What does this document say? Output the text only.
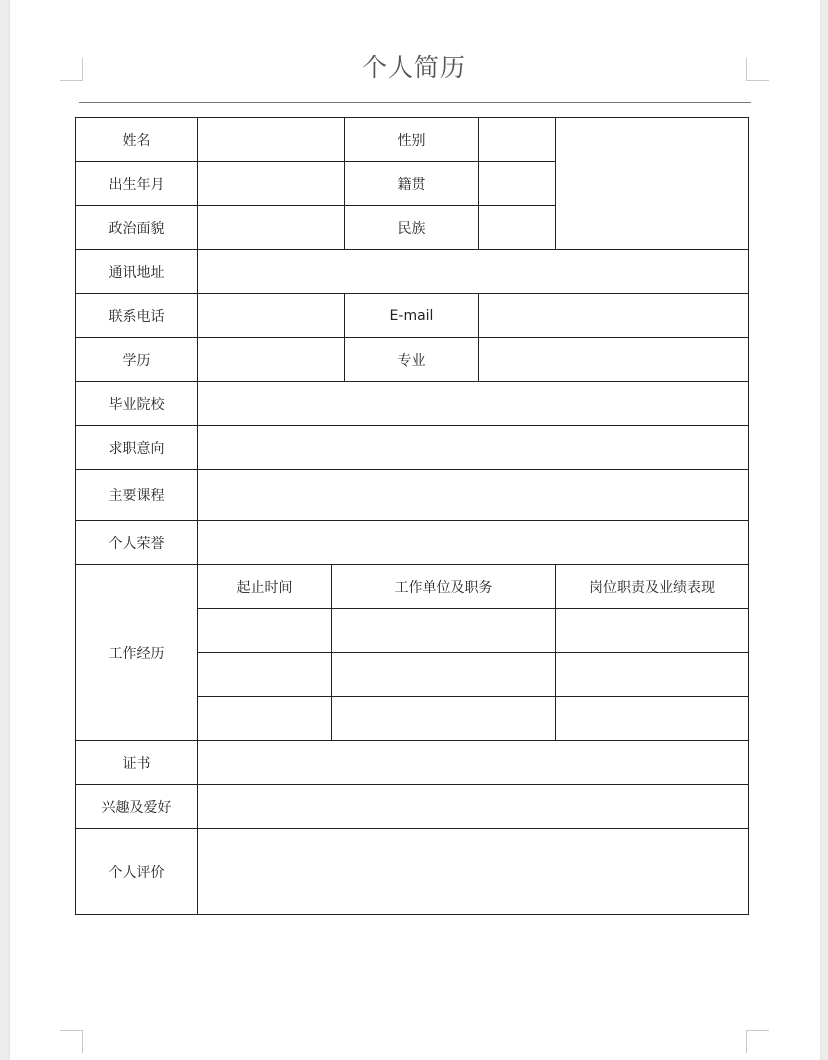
个人简历
姓名			性别		
出生年月			籍贯		
政治面貌			民族		
通讯地址					
联系电话			E-mail		
学历			专业		
毕业院校					
求职意向					
主要课程					
个人荣誉					
工作经历	起止时间	工作单位及职务			岗位职责及业绩表现

证书					
兴趣及爱好					
个人评价					
